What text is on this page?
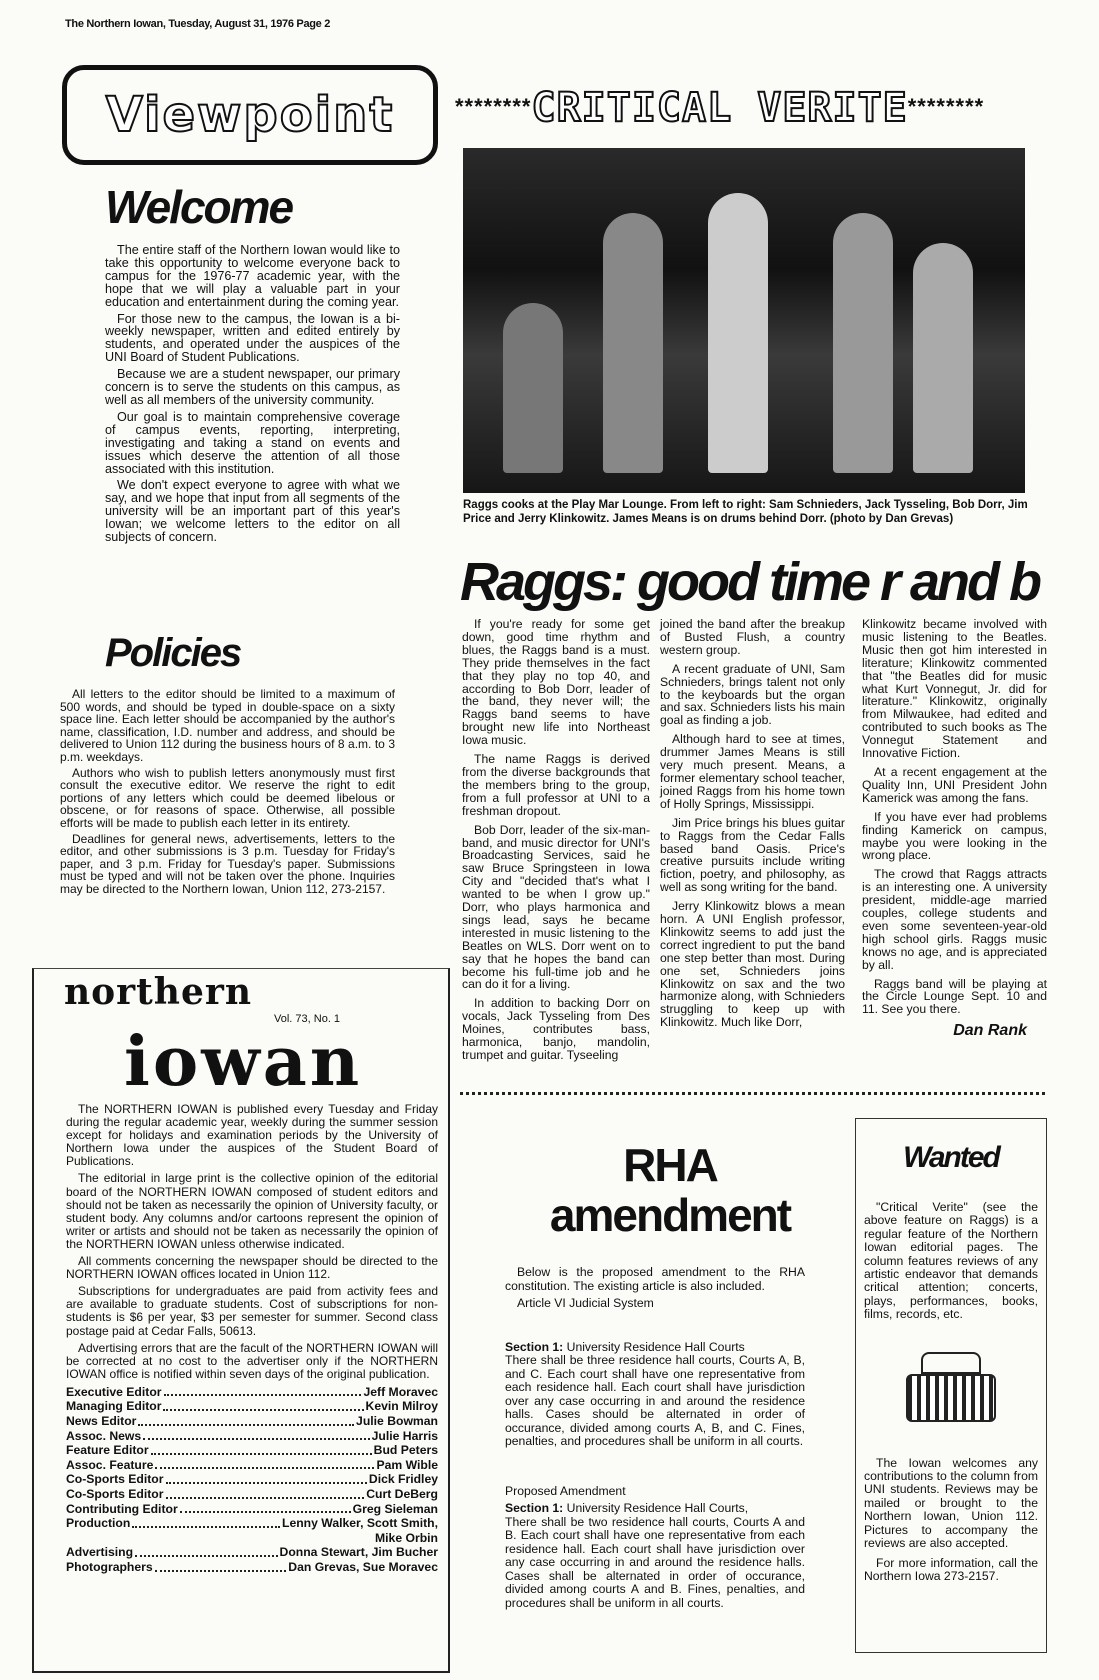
The Northern Iowan, Tuesday, August 31, 1976 Page 2
Viewpoint	********CRITICAL VERITE********
Welcome

The entire staff of the Northern Iowan would like to take this opportunity to welcome everyone back to campus for the 1976-77 academic year, with the hope that we will play a valuable part in your education and entertainment during the coming year.

For those new to the campus, the Iowan is a bi-weekly newspaper, written and edited entirely by students, and operated under the auspices of the UNI Board of Student Publications.

Because we are a student newspaper, our primary concern is to serve the students on this campus, as well as all members of the university community.

Our goal is to maintain comprehensive coverage of campus events, reporting, interpreting, investigating and taking a stand on events and issues which deserve the attention of all those associated with this institution.

We don't expect everyone to agree with what we say, and we hope that input from all segments of the university will be an important part of this year's Iowan; we welcome letters to the editor on all subjects of concern.

Policies

All letters to the editor should be limited to a maximum of 500 words, and should be typed in double-space on a sixty space line. Each letter should be accompanied by the author's name, classification, I.D. number and address, and should be delivered to Union 112 during the business hours of 8 a.m. to 3 p.m. weekdays.

Authors who wish to publish letters anonymously must first consult the executive editor. We reserve the right to edit portions of any letters which could be deemed libelous or obscene, or for reasons of space. Otherwise, all possible efforts will be made to publish each letter in its entirety.

Deadlines for general news, advertisements, letters to the editor, and other submissions is 3 p.m. Tuesday for Friday's paper, and 3 p.m. Friday for Tuesday's paper. Submissions must be typed and will not be taken over the phone. Inquiries may be directed to the Northern Iowan, Union 112, 273-2157.

Raggs cooks at the Play Mar Lounge. From left to right: Sam Schnieders, Jack Tysseling, Bob Dorr, Jim Price and Jerry Klinkowitz. James Means is on drums behind Dorr. (photo by Dan Grevas)
Raggs: good time r and b

If you're ready for some get down, good time rhythm and blues, the Raggs band is a must. They pride themselves in the fact that they play no top 40, and according to Bob Dorr, leader of the band, they never will; the Raggs band seems to have brought new life into Northeast Iowa music.

The name Raggs is derived from the diverse backgrounds that the members bring to the group, from a full professor at UNI to a freshman dropout.

Bob Dorr, leader of the six-man-band, and music director for UNI's Broadcasting Services, said he saw Bruce Springsteen in Iowa City and "decided that's what I wanted to be when I grow up." Dorr, who plays harmonica and sings lead, says he became interested in music listening to the Beatles on WLS. Dorr went on to say that he hopes the band can become his full-time job and he can do it for a living.

In addition to backing Dorr on vocals, Jack Tysseling from Des Moines, contributes bass, harmonica, banjo, mandolin, trumpet and guitar. Tyseeling

joined the band after the breakup of Busted Flush, a country western group.

A recent graduate of UNI, Sam Schnieders, brings talent not only to the keyboards but the organ and sax. Schnieders lists his main goal as finding a job.

Although hard to see at times, drummer James Means is still very much present. Means, a former elementary school teacher, joined Raggs from his home town of Holly Springs, Mississippi.

Jim Price brings his blues guitar to Raggs from the Cedar Falls based band Oasis. Price's creative pursuits include writing fiction, poetry, and philosophy, as well as song writing for the band.

Jerry Klinkowitz blows a mean horn. A UNI English professor, Klinkowitz seems to add just the correct ingredient to put the band one step better than most. During one set, Schnieders joins Klinkowitz on sax and the two harmonize along, with Schnieders struggling to keep up with Klinkowitz. Much like Dorr,

Klinkowitz became involved with music listening to the Beatles. Music then got him interested in literature; Klinkowitz commented that "the Beatles did for music what Kurt Vonnegut, Jr. did for literature." Klinkowitz, originally from Milwaukee, had edited and contributed to such books as The Vonnegut Statement and Innovative Fiction.

At a recent engagement at the Quality Inn, UNI President John Kamerick was among the fans.

If you have ever had problems finding Kamerick on campus, maybe you were looking in the wrong place.

The crowd that Raggs attracts is an interesting one. A university president, middle-age married couples, college students and even some seventeen-year-old high school girls. Raggs music knows no age, and is appreciated by all.

Raggs band will be playing at the Circle Lounge Sept. 10 and 11. See you there.

Dan Rank
northern
Vol. 73, No. 1
iowan

The NORTHERN IOWAN is published every Tuesday and Friday during the regular academic year, weekly during the summer session except for holidays and examination periods by the University of Northern Iowa under the auspices of the Student Board of Publications.

The editorial in large print is the collective opinion of the editorial board of the NORTHERN IOWAN composed of student editors and should not be taken as necessarily the opinion of University faculty, or student body. Any columns and/or cartoons represent the opinion of writer or artists and should not be taken as necessarily the opinion of the NORTHERN IOWAN unless otherwise indicated.

All comments concerning the newspaper should be directed to the NORTHERN IOWAN offices located in Union 112.

Subscriptions for undergraduates are paid from activity fees and are available to graduate students. Cost of subscriptions for non-students is $6 per year, $3 per semester for summer. Second class postage paid at Cedar Falls, 50613.

Advertising errors that are the facult of the NORTHERN IOWAN will be corrected at no cost to the advertiser only if the NORTHERN IOWAN office is notified within seven days of the original publication.

Executive Editor	Jeff Moravec
Managing Editor	Kevin Milroy
News Editor	Julie Bowman
Assoc. News	Julie Harris
Feature Editor	Bud Peters
Assoc. Feature	Pam Wible
Co-Sports Editor	Dick Fridley
Co-Sports Editor	Curt DeBerg
Contributing Editor	Greg Sieleman
Production	Lenny Walker, Scott Smith,
Mike Orbin
Advertising	Donna Stewart, Jim Bucher
Photographers	Dan Grevas, Sue Moravec
RHA
amendment

Below is the proposed amendment to the RHA constitution. The existing article is also included.

Article VI Judicial System

Section 1: University Residence Hall Courts

There shall be three residence hall courts, Courts A, B, and C. Each court shall have one representative from each residence hall. Each court shall have jurisdiction over any case occurring in and around the residence halls. Cases should be alternated in order of occurance, divided among courts A, B, and C. Fines, penalties, and procedures shall be uniform in all courts.

Proposed Amendment

Section 1: University Residence Hall Courts,

There shall be two residence hall courts, Courts A and B. Each court shall have one representative from each residence hall. Each court shall have jurisdiction over any case occurring in and around the residence halls. Cases shall be alternated in order of occurance, divided among courts A and B. Fines, penalties, and procedures shall be uniform in all courts.

Wanted

"Critical Verite" (see the above feature on Raggs) is a regular feature of the Northern Iowan editorial pages. The column features reviews of any artistic endeavor that demands critical attention; concerts, plays, performances, books, films, records, etc.

The Iowan welcomes any contributions to the column from UNI students. Reviews may be mailed or brought to the Northern Iowan, Union 112. Pictures to accompany the reviews are also accepted.

For more information, call the Northern Iowa 273-2157.
